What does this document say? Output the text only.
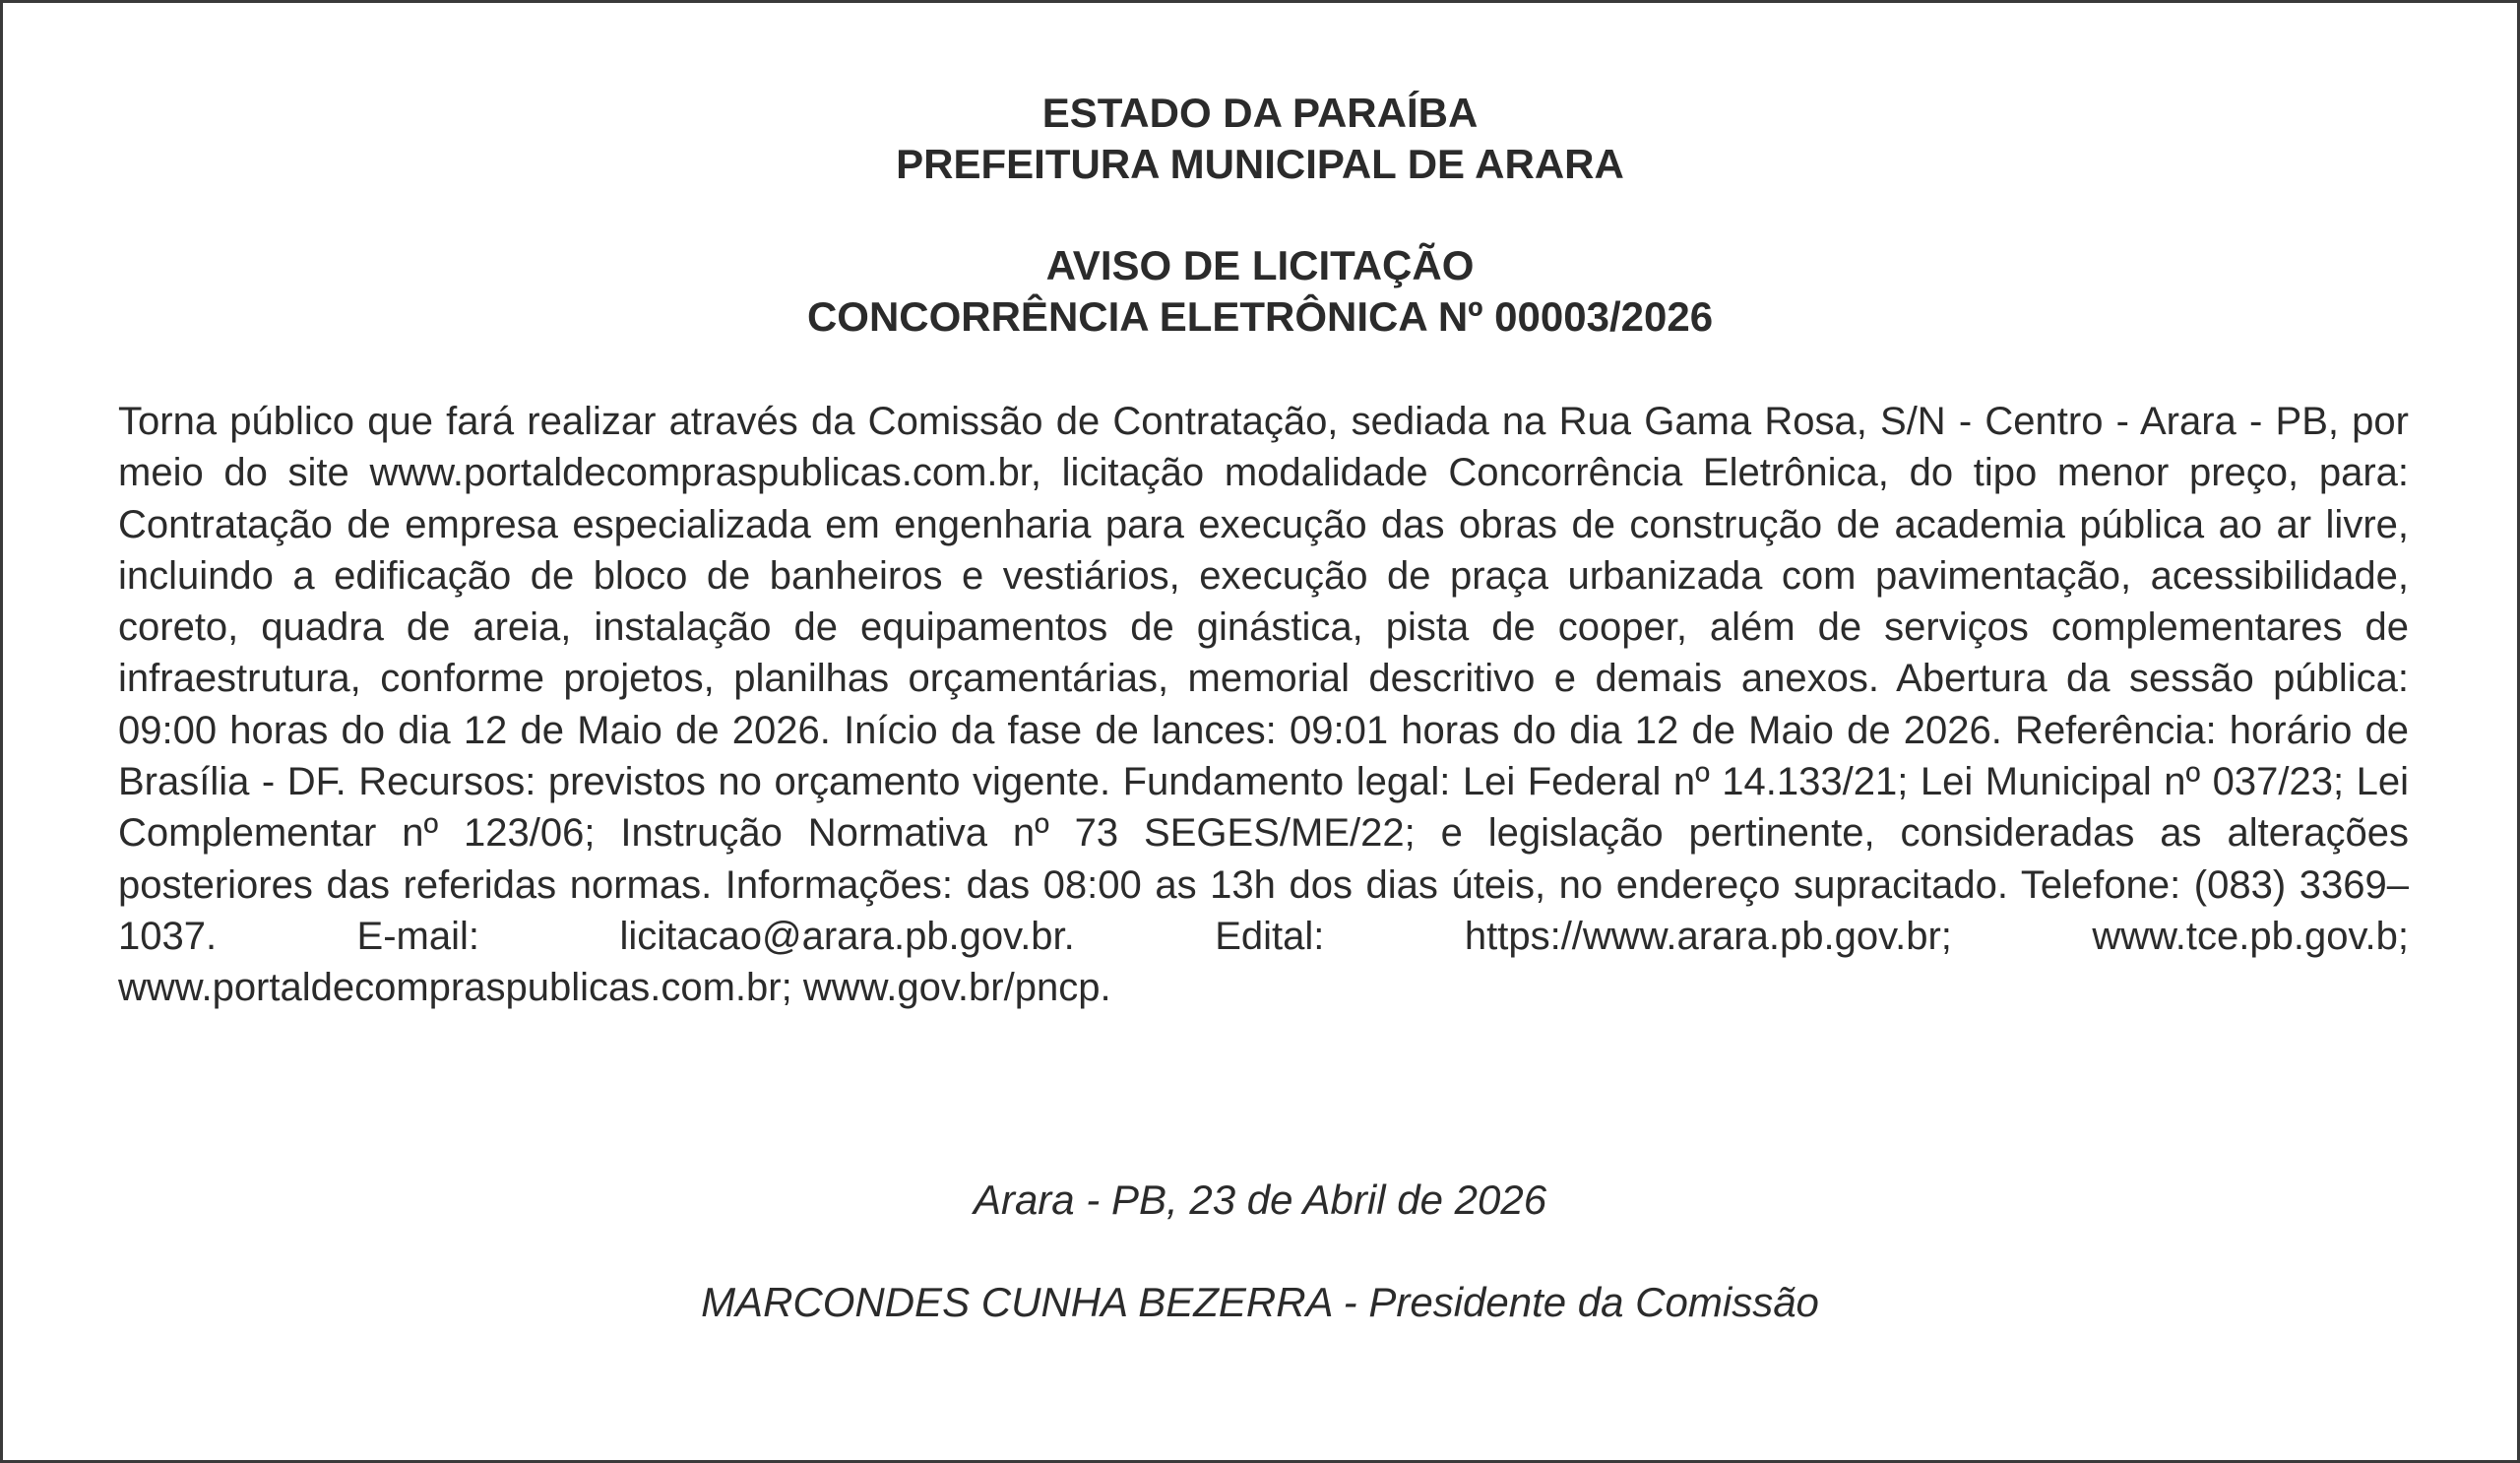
ESTADO DA PARAÍBA
PREFEITURA MUNICIPAL DE ARARA
AVISO DE LICITAÇÃO
CONCORRÊNCIA ELETRÔNICA Nº 00003/2026

Torna público que fará realizar através da Comissão de Contratação, sediada na Rua Gama Rosa, S/N - Centro - Arara - PB, por meio do site www.portaldecompraspublicas.com.br, licitação modalidade Concorrência Eletrônica, do tipo menor preço, para: Contratação de empresa especializada em engenharia para execução das obras de construção de academia pública ao ar livre, incluindo a edificação de bloco de banheiros e vestiários, execução de praça urbanizada com pavimentação, acessibilidade, coreto, quadra de areia, instalação de equipamentos de ginástica, pista de cooper, além de serviços complementares de infraestrutura, conforme projetos, planilhas orçamentárias, memorial descritivo e demais anexos. Abertura da sessão pública: 09:00 horas do dia 12 de Maio de 2026. Início da fase de lances: 09:01 horas do dia 12 de Maio de 2026. Referência: horário de Brasília - DF. Recursos: previstos no orçamento vigente. Fundamento legal: Lei Federal nº 14.133/21; Lei Municipal nº 037/23; Lei Complementar nº 123/06; Instrução Normativa nº 73 SEGES/ME/22; e legislação pertinente, consideradas as alterações posteriores das referidas normas. Informações: das 08:00 as 13h dos dias úteis, no endereço supracitado. Telefone: (083) 3369–1037. E-mail: licitacao@arara.pb.gov.br. Edital: https://www.arara.pb.gov.br; www.tce.pb.gov.b; www.portaldecompraspublicas.com.br; www.gov.br/pncp.

Arara - PB, 23 de Abril de 2026
MARCONDES CUNHA BEZERRA - Presidente da Comissão
